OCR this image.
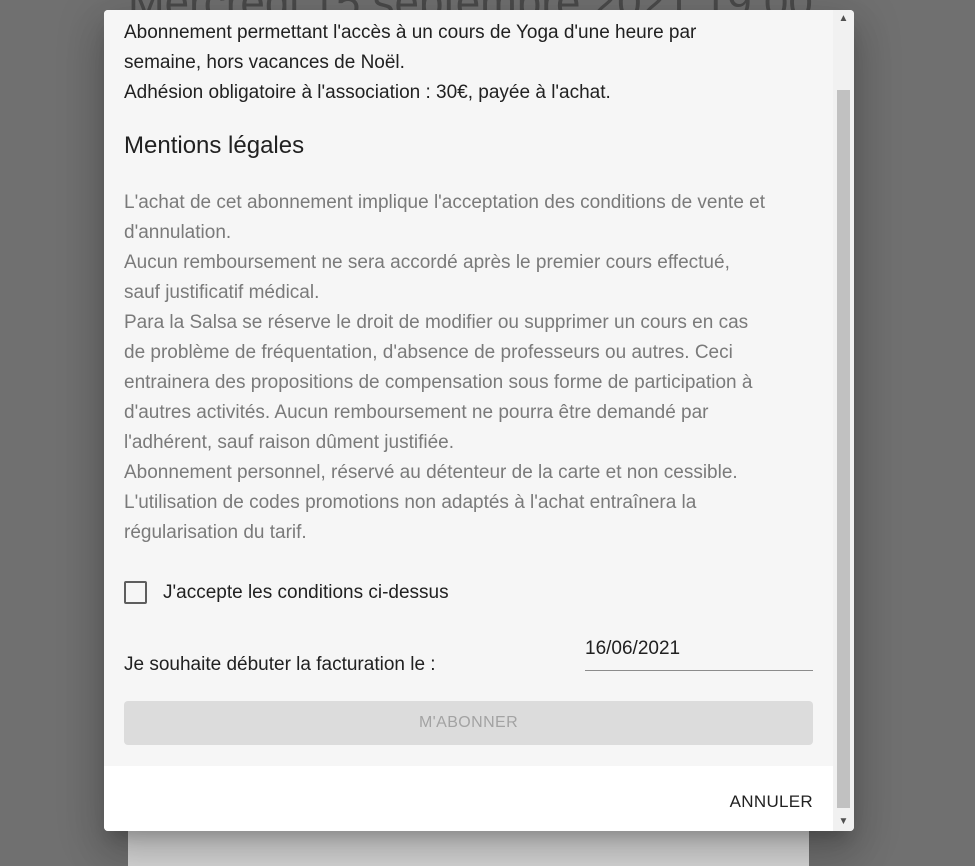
Abonnement permettant l'accès à un cours de Yoga d'une heure par
semaine, hors vacances de Noël.
Adhésion obligatoire à l'association : 30€, payée à l'achat.

Mentions légales

L'achat de cet abonnement implique l'acceptation des conditions de vente et
d'annulation.
Aucun remboursement ne sera accordé après le premier cours effectué,
sauf justificatif médical.
Para la Salsa se réserve le droit de modifier ou supprimer un cours en cas
de problème de fréquentation, d'absence de professeurs ou autres. Ceci
entrainera des propositions de compensation sous forme de participation à
d'autres activités. Aucun remboursement ne pourra être demandé par
l'adhérent, sauf raison dûment justifiée.
Abonnement personnel, réservé au détenteur de la carte et non cessible.
L'utilisation de codes promotions non adaptés à l'achat entraînera la
régularisation du tarif.

J'accepte les conditions ci-dessus
Je souhaite débuter la facturation le :
16/06/2021
M'ABONNER
ANNULER
▲
▼
